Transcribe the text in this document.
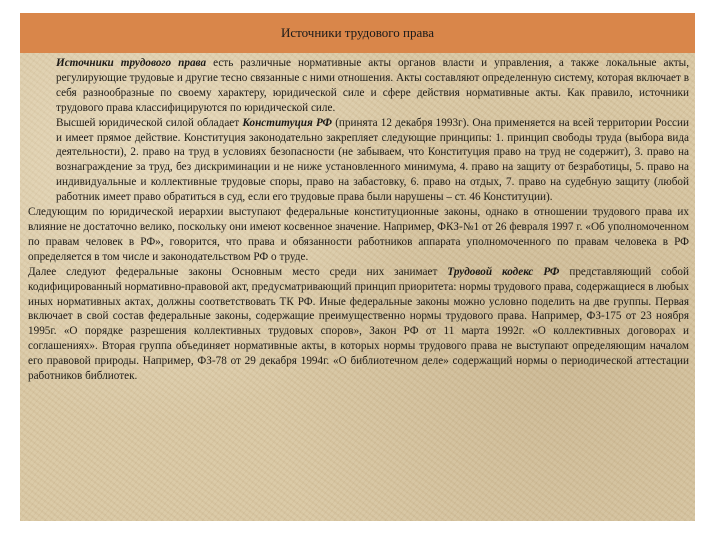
Источники трудового права

Источники трудового права есть различные нормативные акты органов власти и управления, а также локальные акты, регулирующие трудовые и другие тесно связанные с ними отношения. Акты составляют определенную систему, которая включает в себя разнообразные по своему характеру, юридической силе и сфере действия нормативные акты. Как правило, источники трудового права классифицируются по юридической силе.

Высшей юридической силой обладает Конституция РФ (принята 12 декабря 1993г). Она применяется на всей территории России и имеет прямое действие. Конституция законодательно закрепляет следующие принципы: 1. принцип свободы труда (выбора вида деятельности), 2. право на труд в условиях безопасности (не забываем, что Конституция право на труд не содержит), 3. право на вознаграждение за труд, без дискриминации и не ниже установленного минимума, 4. право на защиту от безработицы, 5. право на индивидуальные и коллективные трудовые споры, право на забастовку, 6. право на отдых, 7. право на судебную защиту (любой работник имеет право обратиться в суд, если его трудовые права были нарушены – ст. 46 Конституции).

Следующим по юридической иерархии выступают федеральные конституционные законы, однако в отношении трудового права их влияние не достаточно велико, поскольку они имеют косвенное значение. Например, ФКЗ-№1 от 26 февраля 1997 г. «Об уполномоченном по правам человек в РФ», говорится, что права и обязанности работников аппарата уполномоченного по правам человека в РФ определяется в том числе и законодательством РФ о труде.

Далее следуют федеральные законы Основным место среди них занимает Трудовой кодекс РФ представляющий собой кодифицированный нормативно-правовой акт, предусматривающий принцип приоритета: нормы трудового права, содержащиеся в любых иных нормативных актах, должны соответствовать ТК РФ. Иные федеральные законы можно условно поделить на две группы. Первая включает в свой состав федеральные законы, содержащие преимущественно нормы трудового права. Например, ФЗ-175 от 23 ноября 1995г. «О порядке разрешения коллективных трудовых споров», Закон РФ от 11 марта 1992г. «О коллективных договорах и соглашениях». Вторая группа объединяет нормативные акты, в которых нормы трудового права не выступают определяющим началом его правовой природы. Например, ФЗ-78 от 29 декабря 1994г. «О библиотечном деле» содержащий нормы о периодической аттестации работников библиотек.
